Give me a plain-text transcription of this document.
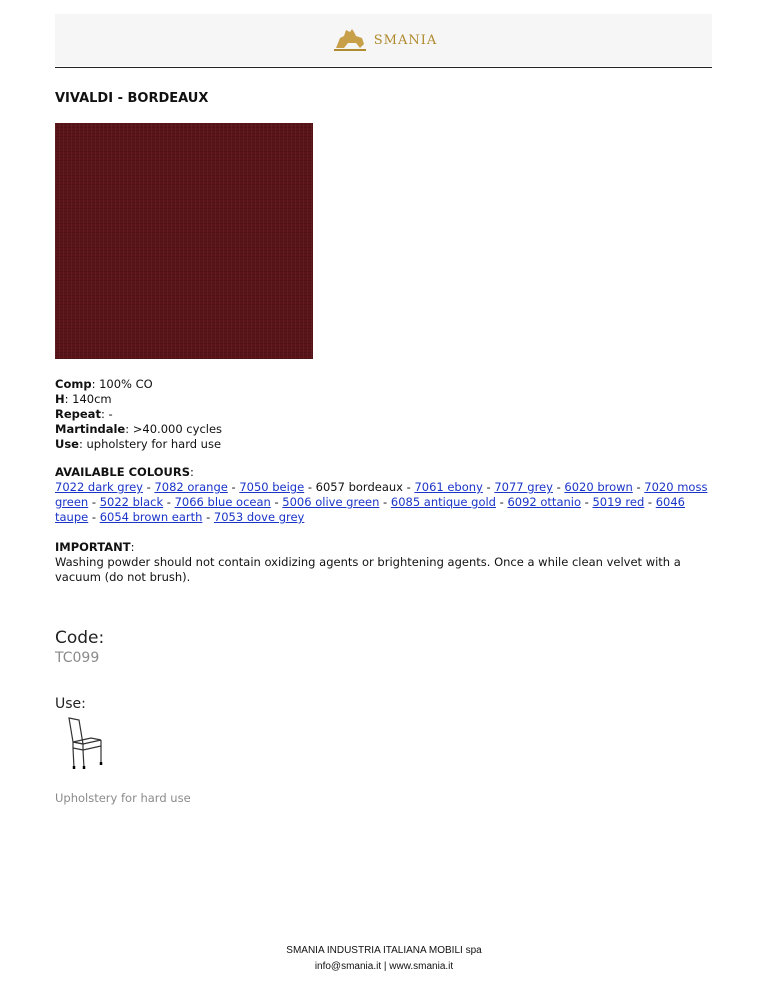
SMANIA
VIVALDI - BORDEAUX
Comp: 100% CO
H: 140cm
Repeat: -
Martindale: >40.000 cycles
Use: upholstery for hard use
AVAILABLE COLOURS:
7022 dark grey - 7082 orange - 7050 beige - 6057 bordeaux - 7061 ebony - 7077 grey - 6020 brown - 7020 moss green - 5022 black - 7066 blue ocean - 5006 olive green - 6085 antique gold - 6092 ottanio - 5019 red - 6046 taupe - 6054 brown earth - 7053 dove grey
IMPORTANT:
Washing powder should not contain oxidizing agents or brightening agents. Once a while clean velvet with a vacuum (do not brush).
Code:
TC099
Use:
Upholstery for hard use
SMANIA INDUSTRIA ITALIANA MOBILI spa
info@smania.it | www.smania.it
